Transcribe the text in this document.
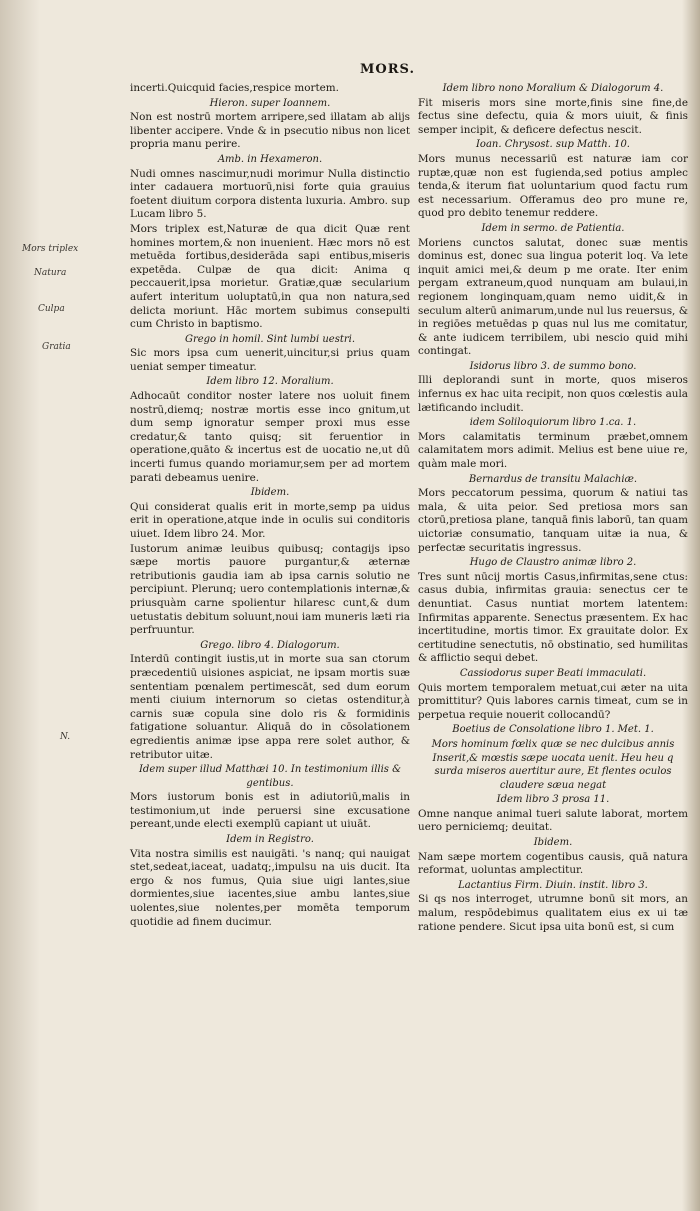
MORS.
Mors triplex
Natura
Culpa
Gratia
N.
incerti.Quicquid facies,respice mortem.
Hieron. super Ioannem.
Non est nostrū mortem arripere,sed illatam ab alijs libenter accipere. Vnde & in psecutio nibus non licet propria manu perire.
Amb. in Hexameron.
Nudi omnes nascimur,nudi morimur Nulla distinctio inter cadauera mortuorū,nisi forte quia grauius foetent diuitum corpora distenta luxuria. Ambro. sup Lucam libro 5.
Mors triplex est,Naturæ de qua dicit Quæ rent homines mortem,& non inuenient. Hæc mors nō est metuēda fortibus,desiderāda sapi entibus,miseris expetēda. Culpæ de qua dicit: Anima q peccauerit,ipsa morietur. Gratiæ,quæ secularium aufert interitum uoluptatū,in qua non natura,sed delicta moriunt. Hāc mortem subimus consepulti cum Christo in baptismo.
Grego in homil. Sint lumbi uestri.
Sic mors ipsa cum uenerit,uincitur,si prius quam ueniat semper timeatur.
Idem libro 12. Moralium.
Adhocaūt conditor noster latere nos uoluit finem nostrū,diemq; nostræ mortis esse inco gnitum,ut dum semp ignoratur semper proxi mus esse credatur,& tanto quisq; sit feruentior in operatione,quāto & incertus est de uocatio ne,ut dū incerti fumus quando moriamur,sem per ad mortem parati debeamus uenire.
Ibidem.
Qui considerat qualis erit in morte,semp pa uidus erit in operatione,atque inde in oculis sui conditoris uiuet. Idem libro 24. Mor.
Iustorum animæ leuibus quibusq; contagijs ipso sæpe mortis pauore purgantur,& æternæ retributionis gaudia iam ab ipsa carnis solutio ne percipiunt. Plerunq; uero contemplationis internæ,& priusquàm carne spolientur hilaresc cunt,& dum uetustatis debitum soluunt,noui iam muneris læti ria perfruuntur.
Grego. libro 4. Dialogorum.
Interdū contingit iustis,ut in morte sua san ctorum præcedentiū uisiones aspiciat, ne ipsam mortis suæ sententiam pœnalem pertimescāt, sed dum eorum menti ciuium internorum so cietas ostenditur,à carnis suæ copula sine dolo ris & formidinis fatigatione soluantur. Aliquā do in cōsolationem egredientis animæ ipse appa rere solet author, & retributor uitæ.
Idem super illud Matthæi 10. In testimonium illis & gentibus.
Mors iustorum bonis est in adiutoriū,malis in testimonium,ut inde peruersi sine excusatione pereant,unde electi exemplū capiant ut uiuāt.
Idem in Registro.
Vita nostra similis est nauigāti. 's nanq; qui nauigat stet,sedeat,iaceat, uadatq;,impulsu na uis ducit. Ita ergo & nos fumus, Quia siue uigi lantes,siue dormientes,siue iacentes,siue ambu lantes,siue uolentes,siue nolentes,per momēta temporum quotidie ad finem ducimur.
Idem libro nono Moralium & Dialogorum 4.
Fit miseris mors sine morte,finis sine fine,de fectus sine defectu, quia & mors uiuit, & finis semper incipit, & deficere defectus nescit.
Ioan. Chrysost. sup Matth. 10.
Mors munus necessariū est naturæ iam cor ruptæ,quæ non est fugienda,sed potius amplec tenda,& iterum fiat uoluntarium quod factu rum est necessarium. Offeramus deo pro mune re, quod pro debito tenemur reddere.
Idem in sermo. de Patientia.
Moriens cunctos salutat, donec suæ mentis dominus est, donec sua lingua poterit loq. Va lete inquit amici mei,& deum p me orate. Iter enim pergam extraneum,quod nunquam am bulaui,in regionem longinquam,quam nemo uidit,& in seculum alterū animarum,unde nul lus reuersus, & in regiōes metuēdas p quas nul lus me comitatur, & ante iudicem terribilem, ubi nescio quid mihi contingat.
Isidorus libro 3. de summo bono.
Illi deplorandi sunt in morte, quos miseros infernus ex hac uita recipit, non quos cœlestis aula lætificando includit.
idem Soliloquiorum libro 1.ca. 1.
Mors calamitatis terminum præbet,omnem calamitatem mors adimit. Melius est bene uiue re, quàm male mori.
Bernardus de transitu Malachiæ.
Mors peccatorum pessima, quorum & natiui tas mala, & uita peior. Sed pretiosa mors san ctorū,pretiosa plane, tanquā finis laborū, tan quam uictoriæ consumatio, tanquam uitæ ia nua, & perfectæ securitatis ingressus.
Hugo de Claustro animæ libro 2.
Tres sunt nūcij mortis Casus,infirmitas,sene ctus: casus dubia, infirmitas grauia: senectus cer te denuntiat. Casus nuntiat mortem latentem: Infirmitas apparente. Senectus præsentem. Ex hac incertitudine, mortis timor. Ex grauitate dolor. Ex certitudine senectutis, nō obstinatio, sed humilitas & afflictio sequi debet.
Cassiodorus super Beati immaculati.
Quis mortem temporalem metuat,cui æter na uita promittitur? Quis labores carnis timeat, cum se in perpetua requie nouerit collocandū?
Boetius de Consolatione libro 1. Met. 1.
Mors hominum fœlix quæ se nec dulcibus annis Inserit,& mœstis sæpe uocata uenit. Heu heu q surda miseros auertitur aure, Et flentes oculos claudere sæua negat
Idem libro 3 prosa 11.
Omne nanque animal tueri salute laborat, mortem uero perniciemq; deuitat.
Ibidem.
Nam sæpe mortem cogentibus causis, quā natura reformat, uoluntas amplectitur.
Lactantius Firm. Diuin. instit. libro 3.
Si qs nos interroget, utrumne bonū sit mors, an malum, respōdebimus qualitatem eius ex ui tæ ratione pendere. Sicut ipsa uita bonū est, si cum
